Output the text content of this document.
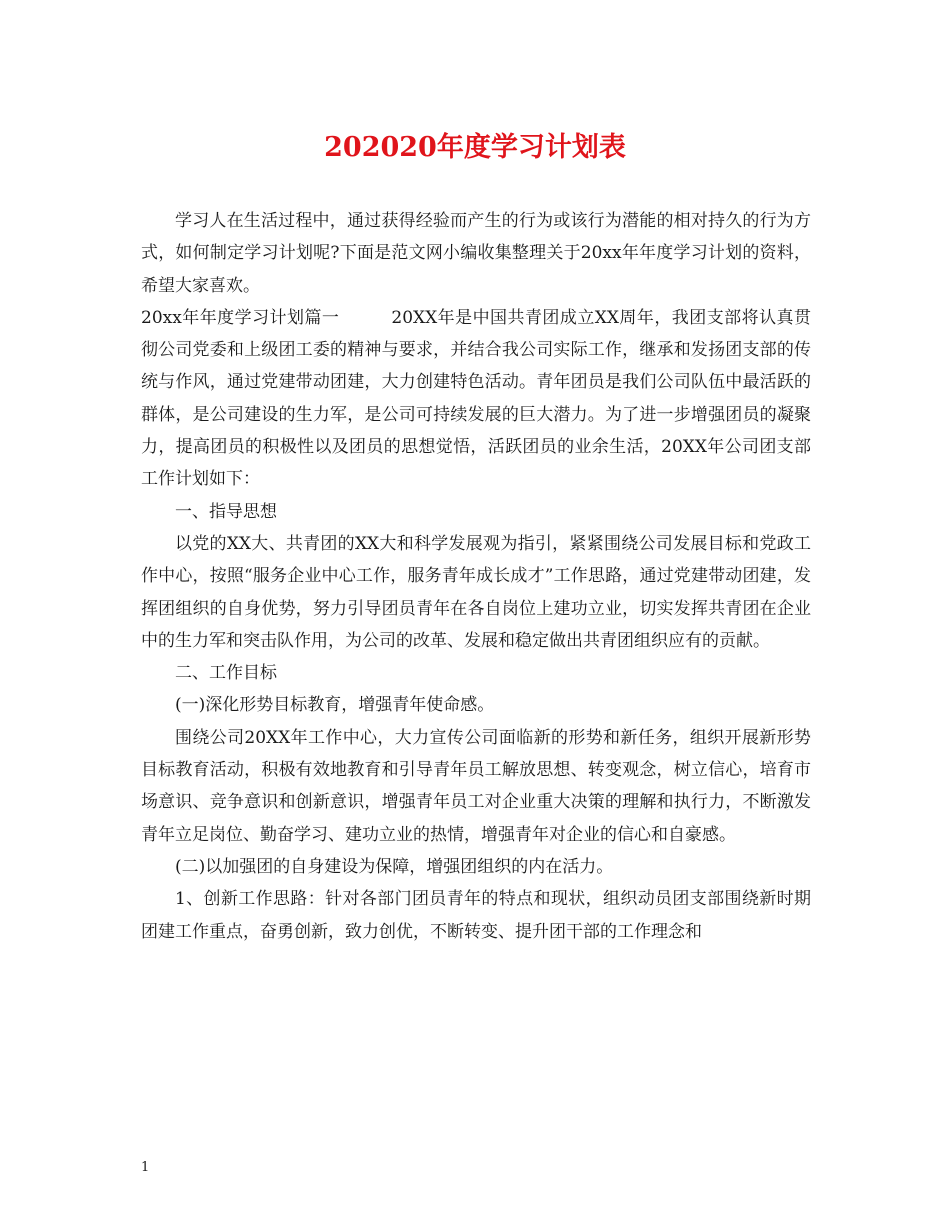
202020年度学习计划表

学习人在生活过程中，通过获得经验而产生的行为或该行为潜能的相对持久的行为方式，如何制定学习计划呢?下面是范文网小编收集整理关于20xx年年度学习计划的资料，希望大家喜欢。

20xx年年度学习计划篇一	20XX年是中国共青团成立XX周年，我团支部将认真贯彻公司党委和上级团工委的精神与要求，并结合我公司实际工作，继承和发扬团支部的传统与作风，通过党建带动团建，大力创建特色活动。青年团员是我们公司队伍中最活跃的群体，是公司建设的生力军，是公司可持续发展的巨大潜力。为了进一步增强团员的凝聚力，提高团员的积极性以及团员的思想觉悟，活跃团员的业余生活，20XX年公司团支部工作计划如下：

一、指导思想

以党的XX大、共青团的XX大和科学发展观为指引，紧紧围绕公司发展目标和党政工作中心，按照“服务企业中心工作，服务青年成长成才”工作思路，通过党建带动团建，发挥团组织的自身优势，努力引导团员青年在各自岗位上建功立业，切实发挥共青团在企业中的生力军和突击队作用，为公司的改革、发展和稳定做出共青团组织应有的贡献。

二、工作目标

(一)深化形势目标教育，增强青年使命感。

围绕公司20XX年工作中心，大力宣传公司面临新的形势和新任务，组织开展新形势目标教育活动，积极有效地教育和引导青年员工解放思想、转变观念，树立信心，培育市场意识、竞争意识和创新意识，增强青年员工对企业重大决策的理解和执行力，不断激发青年立足岗位、勤奋学习、建功立业的热情，增强青年对企业的信心和自豪感。

(二)以加强团的自身建设为保障，增强团组织的内在活力。

1、创新工作思路：针对各部门团员青年的特点和现状，组织动员团支部围绕新时期团建工作重点，奋勇创新，致力创优，不断转变、提升团干部的工作理念和

1
